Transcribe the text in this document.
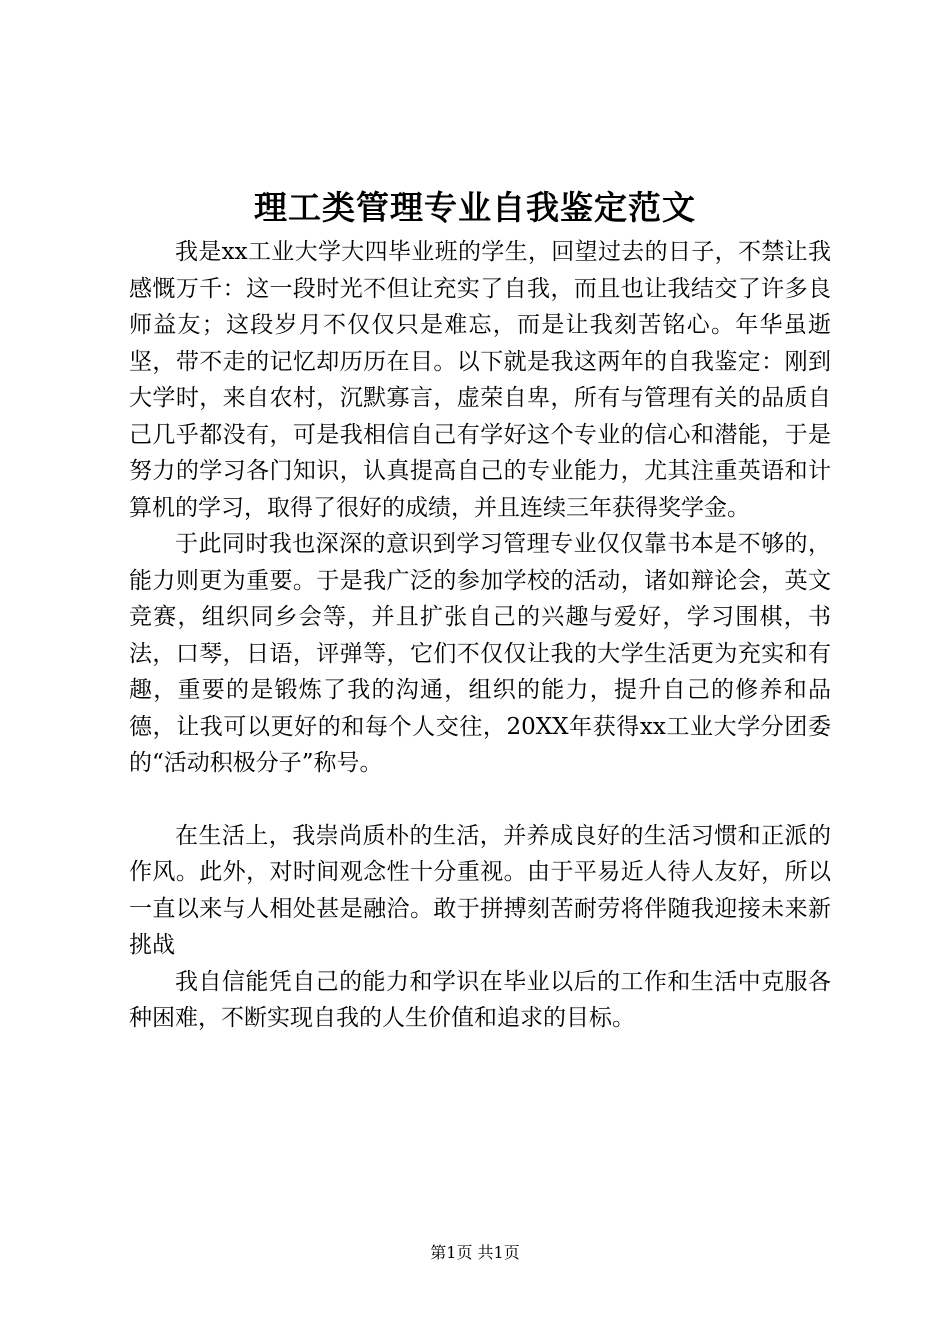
理工类管理专业自我鉴定范文

我是xx工业大学大四毕业班的学生，回望过去的日子，不禁让我感慨万千：这一段时光不但让充实了自我，而且也让我结交了许多良师益友；这段岁月不仅仅只是难忘，而是让我刻苦铭心。年华虽逝坚，带不走的记忆却历历在目。以下就是我这两年的自我鉴定：刚到大学时，来自农村，沉默寡言，虚荣自卑，所有与管理有关的品质自己几乎都没有，可是我相信自己有学好这个专业的信心和潜能，于是努力的学习各门知识，认真提高自己的专业能力，尤其注重英语和计算机的学习，取得了很好的成绩，并且连续三年获得奖学金。

于此同时我也深深的意识到学习管理专业仅仅靠书本是不够的，能力则更为重要。于是我广泛的参加学校的活动，诸如辩论会，英文竞赛，组织同乡会等，并且扩张自己的兴趣与爱好，学习围棋，书法，口琴，日语，评弹等，它们不仅仅让我的大学生活更为充实和有趣，重要的是锻炼了我的沟通，组织的能力，提升自己的修养和品德，让我可以更好的和每个人交往，20XX年获得xx工业大学分团委的“活动积极分子”称号。

在生活上，我崇尚质朴的生活，并养成良好的生活习惯和正派的作风。此外，对时间观念性十分重视。由于平易近人待人友好，所以一直以来与人相处甚是融洽。敢于拼搏刻苦耐劳将伴随我迎接未来新挑战

我自信能凭自己的能力和学识在毕业以后的工作和生活中克服各种困难，不断实现自我的人生价值和追求的目标。

第1页 共1页
